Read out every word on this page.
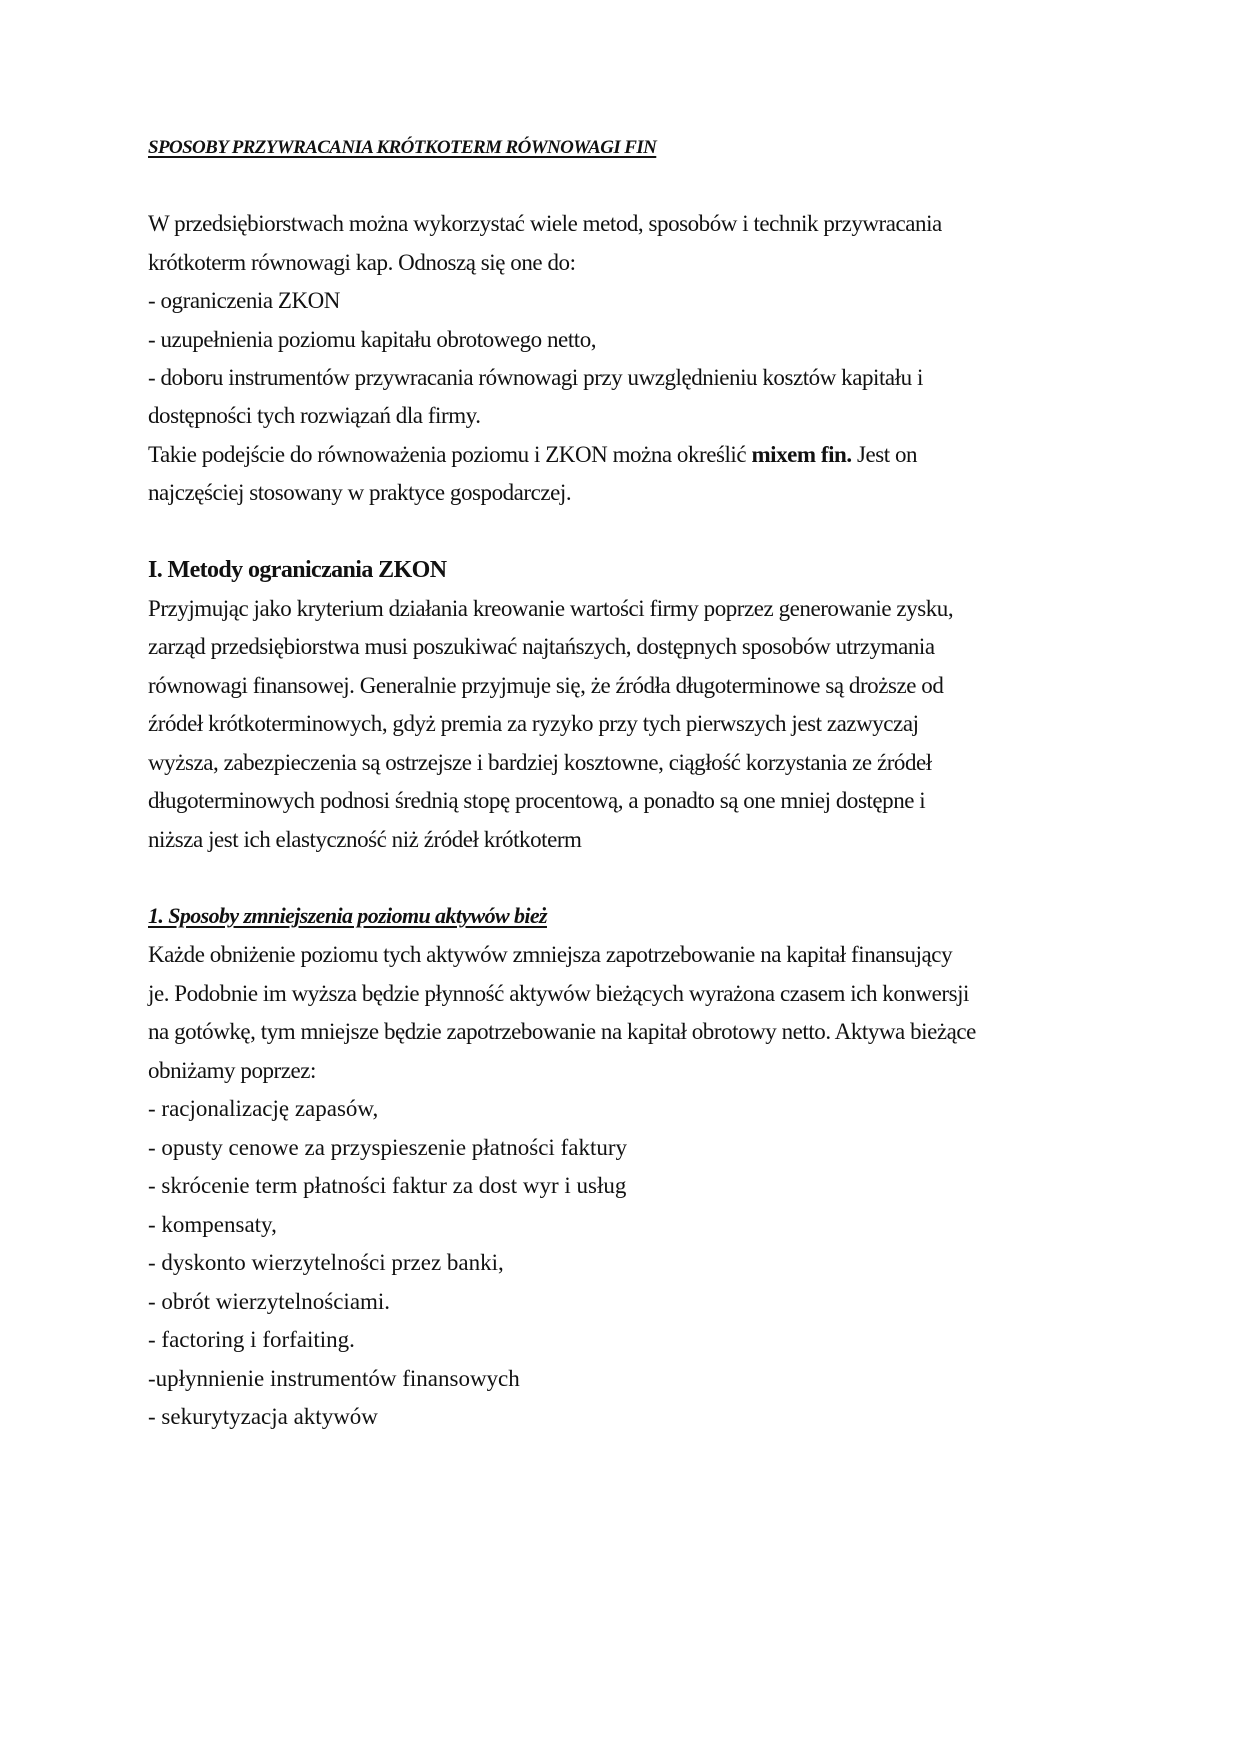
SPOSOBY PRZYWRACANIA KRÓTKOTERM RÓWNOWAGI FIN
W przedsiębiorstwach można wykorzystać wiele metod, sposobów i technik przywracania
krótkoterm równowagi kap. Odnoszą się one do:
- ograniczenia ZKON
- uzupełnienia poziomu kapitału obrotowego netto,
- doboru instrumentów przywracania równowagi przy uwzględnieniu kosztów kapitału i
dostępności tych rozwiązań dla firmy.
Takie podejście do równoważenia poziomu i ZKON można określić mixem fin. Jest on
najczęściej stosowany w praktyce gospodarczej.
I. Metody ograniczania ZKON
Przyjmując jako kryterium działania kreowanie wartości firmy poprzez generowanie zysku,
zarząd przedsiębiorstwa musi poszukiwać najtańszych, dostępnych sposobów utrzymania
równowagi finansowej. Generalnie przyjmuje się, że źródła długoterminowe są droższe od
źródeł krótkoterminowych, gdyż premia za ryzyko przy tych pierwszych jest zazwyczaj
wyższa, zabezpieczenia są ostrzejsze i bardziej kosztowne, ciągłość korzystania ze źródeł
długoterminowych podnosi średnią stopę procentową, a ponadto są one mniej dostępne i
niższa jest ich elastyczność niż źródeł krótkoterm
1. Sposoby zmniejszenia poziomu aktywów bież
Każde obniżenie poziomu tych aktywów zmniejsza zapotrzebowanie na kapitał finansujący
je. Podobnie im wyższa będzie płynność aktywów bieżących wyrażona czasem ich konwersji
na gotówkę, tym mniejsze będzie zapotrzebowanie na kapitał obrotowy netto. Aktywa bieżące
obniżamy poprzez:
- racjonalizację zapasów,
- opusty cenowe za przyspieszenie płatności faktury
- skrócenie term płatności faktur za dost wyr i usług
- kompensaty,
- dyskonto wierzytelności przez banki,
- obrót wierzytelnościami.
- factoring i forfaiting.
-upłynnienie instrumentów finansowych
- sekurytyzacja aktywów
